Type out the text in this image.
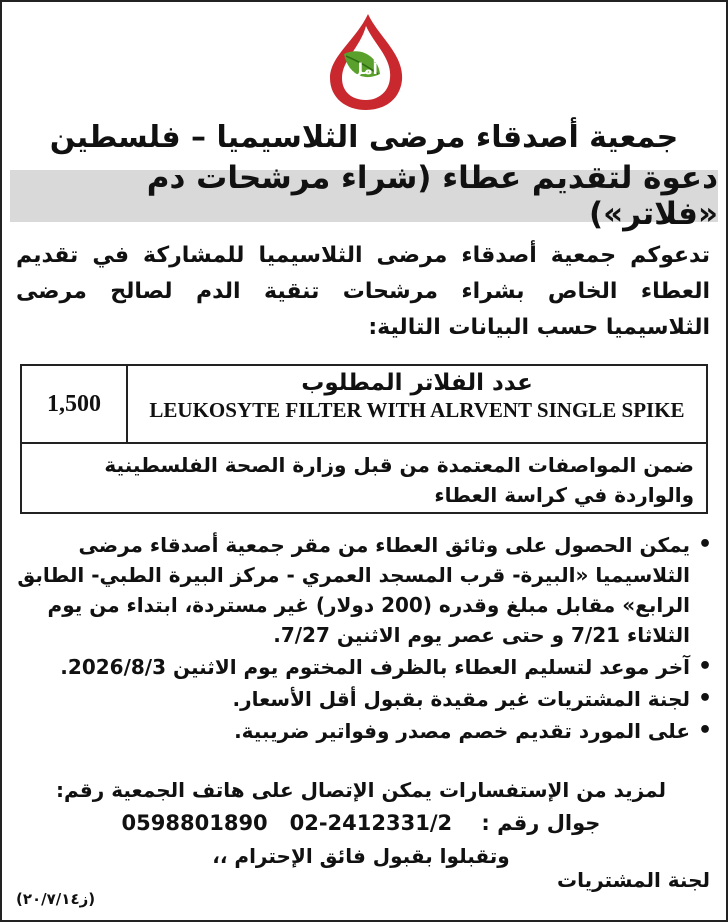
أمل
جمعية أصدقاء مرضى الثلاسيميا – فلسطين
دعوة لتقديم عطاء (شراء مرشحات دم «فلاتر»)
تدعوكم جمعية أصدقاء مرضى الثلاسيميا للمشاركة في تقديم العطاء الخاص بشراء مرشحات تنقية الدم لصالح مرضى الثلاسيميا حسب البيانات التالية:
عدد الفلاتر المطلوب
LEUKOSYTE FILTER WITH ALRVENT SINGLE SPIKE
1,500
ضمن المواصفات المعتمدة من قبل وزارة الصحة الفلسطينية والواردة في كراسة العطاء
•
يمكن الحصول على وثائق العطاء من مقر جمعية أصدقاء مرضى الثلاسيميا «البيرة- قرب المسجد العمري - مركز البيرة الطبي- الطابق الرابع» مقابل مبلغ وقدره (200 دولار) غير مستردة، ابتداء من يوم الثلاثاء 7/21 و حتى عصر يوم الاثنين 7/27.
•
آخر موعد لتسليم العطاء بالظرف المختوم يوم الاثنين 2026/8/3.
•
لجنة المشتريات غير مقيدة بقبول أقل الأسعار.
•
على المورد تقديم خصم مصدر وفواتير ضريبية.
لمزيد من الإستفسارات يمكن الإتصال على هاتف الجمعية رقم:
0598801890	جوال رقم :    02-2412331/2
وتقبلوا بقبول فائق الإحترام ،،
لجنة المشتريات
(ز٢٠/٧/١٤)
